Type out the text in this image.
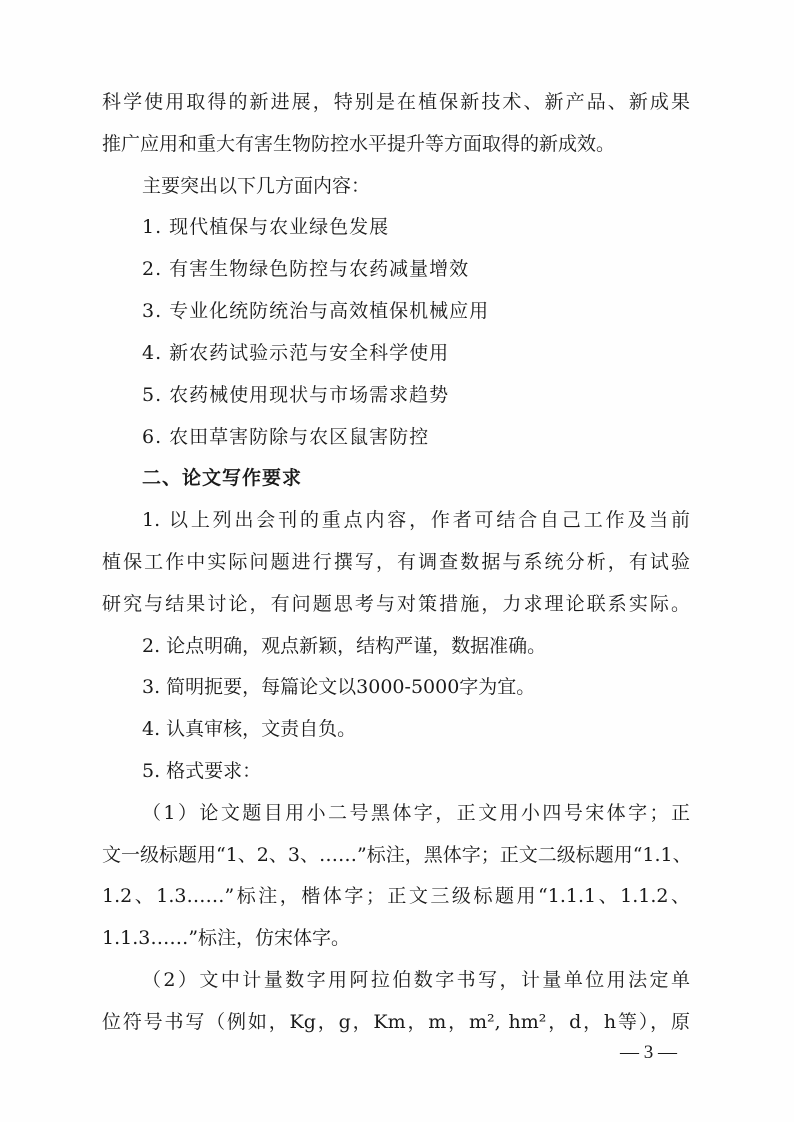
科学使用取得的新进展，特别是在植保新技术、新产品、新成果
推广应用和重大有害生物防控水平提升等方面取得的新成效。
主要突出以下几方面内容：
1. 现代植保与农业绿色发展
2. 有害生物绿色防控与农药减量增效
3. 专业化统防统治与高效植保机械应用
4. 新农药试验示范与安全科学使用
5. 农药械使用现状与市场需求趋势
6. 农田草害防除与农区鼠害防控
二、论文写作要求
1. 以上列出会刊的重点内容，作者可结合自己工作及当前
植保工作中实际问题进行撰写，有调查数据与系统分析，有试验
研究与结果讨论，有问题思考与对策措施，力求理论联系实际。
2. 论点明确，观点新颖，结构严谨，数据准确。
3. 简明扼要，每篇论文以3000-5000字为宜。
4. 认真审核，文责自负。
5. 格式要求：
（1）论文题目用小二号黑体字，正文用小四号宋体字；正
文一级标题用“1、2、3、……”标注，黑体字；正文二级标题用“1.1、
1.2、1.3……”标注，楷体字；正文三级标题用“1.1.1、1.1.2、
1.1.3……”标注，仿宋体字。
（2）文中计量数字用阿拉伯数字书写，计量单位用法定单
位符号书写（例如，Kg，g，Km，m，m², hm²，d，h等），原
— 3 —
